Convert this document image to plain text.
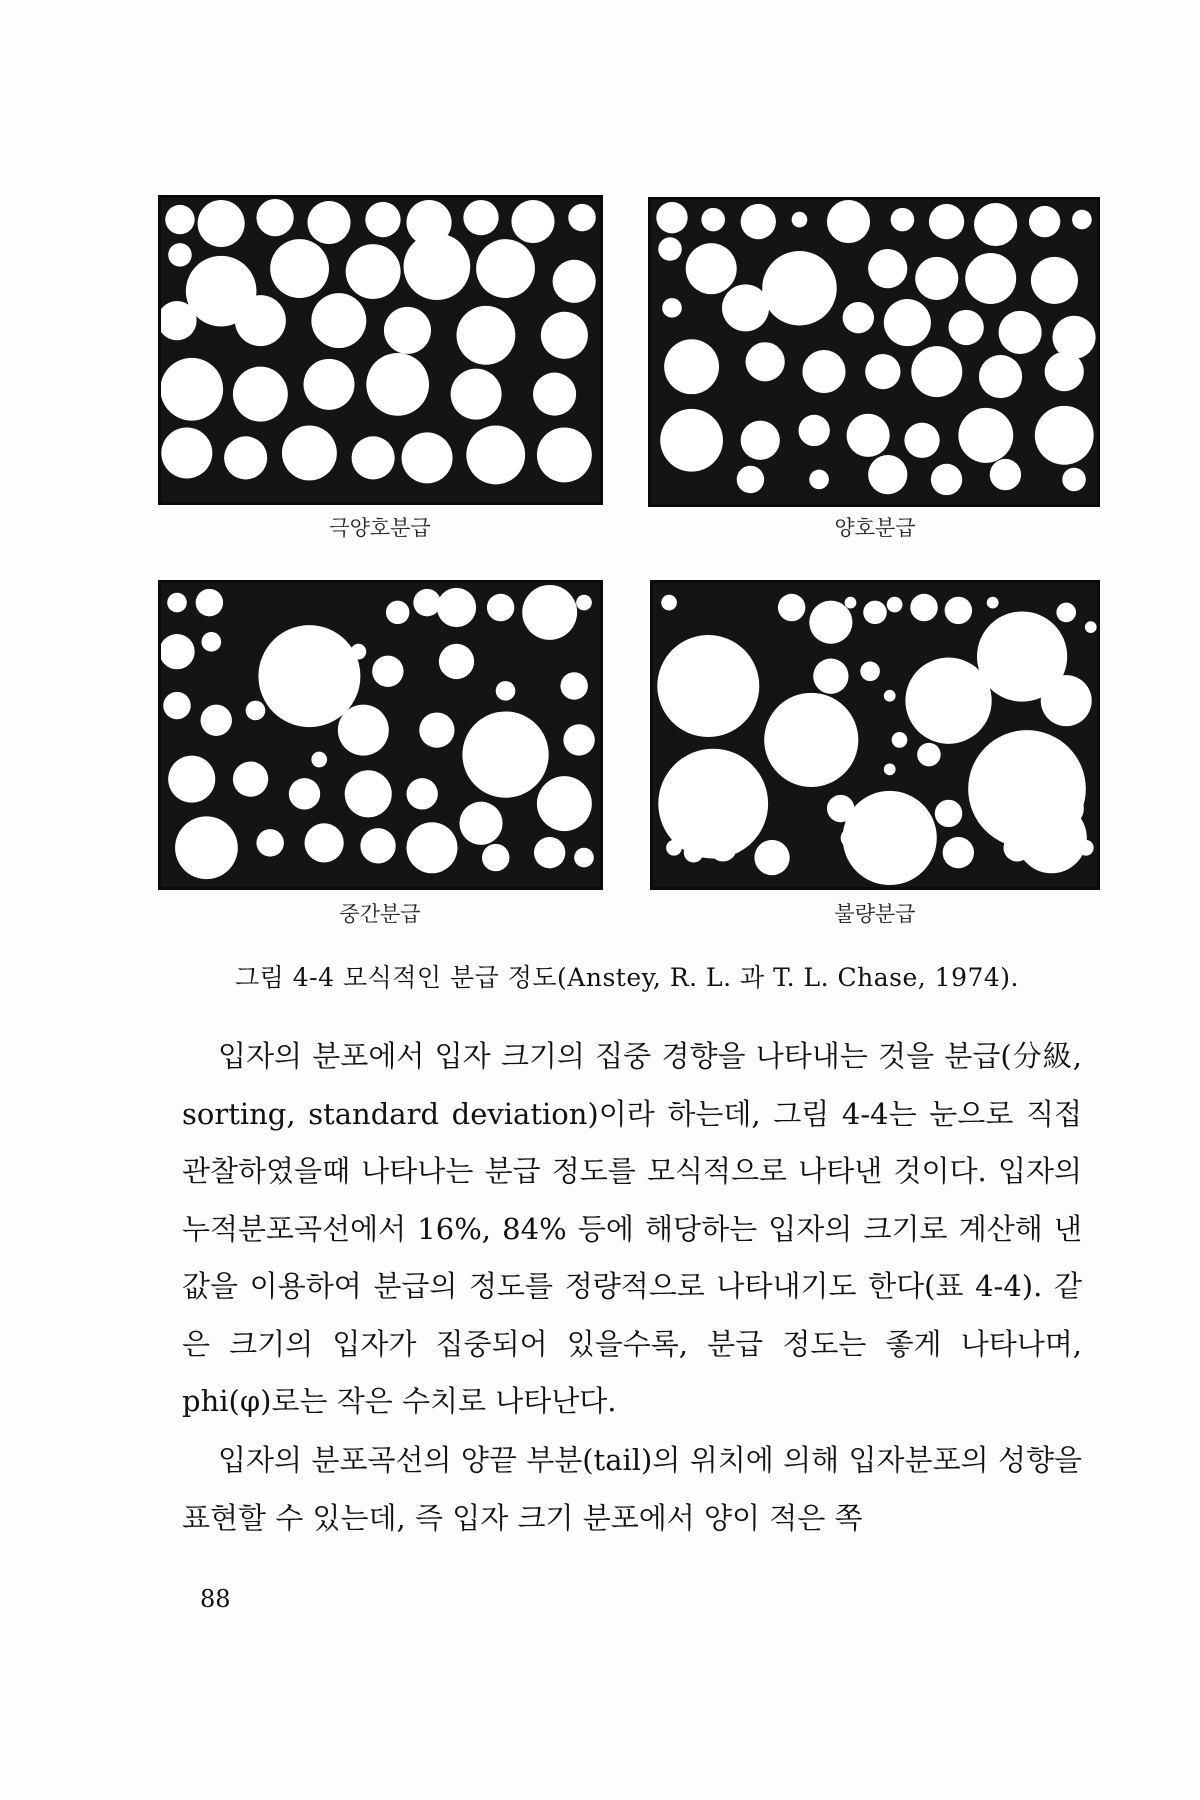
극양호분급	양호분급
중간분급	불량분급
그림 4-4 모식적인 분급 정도(Anstey, R. L. 과 T. L. Chase, 1974).

입자의 분포에서 입자 크기의 집중 경향을 나타내는 것을 분급(分級, sorting, standard deviation)이라 하는데, 그림 4-4는 눈으로 직접 관찰하였을때 나타나는 분급 정도를 모식적으로 나타낸 것이다. 입자의 누적분포곡선에서 16%, 84% 등에 해당하는 입자의 크기로 계산해 낸 값을 이용하여 분급의 정도를 정량적으로 나타내기도 한다(표 4-4). 같은 크기의 입자가 집중되어 있을수록, 분급 정도는 좋게 나타나며, phi(φ)로는 작은 수치로 나타난다.

입자의 분포곡선의 양끝 부분(tail)의 위치에 의해 입자분포의 성향을 표현할 수 있는데, 즉 입자 크기 분포에서 양이 적은 쪽

88
